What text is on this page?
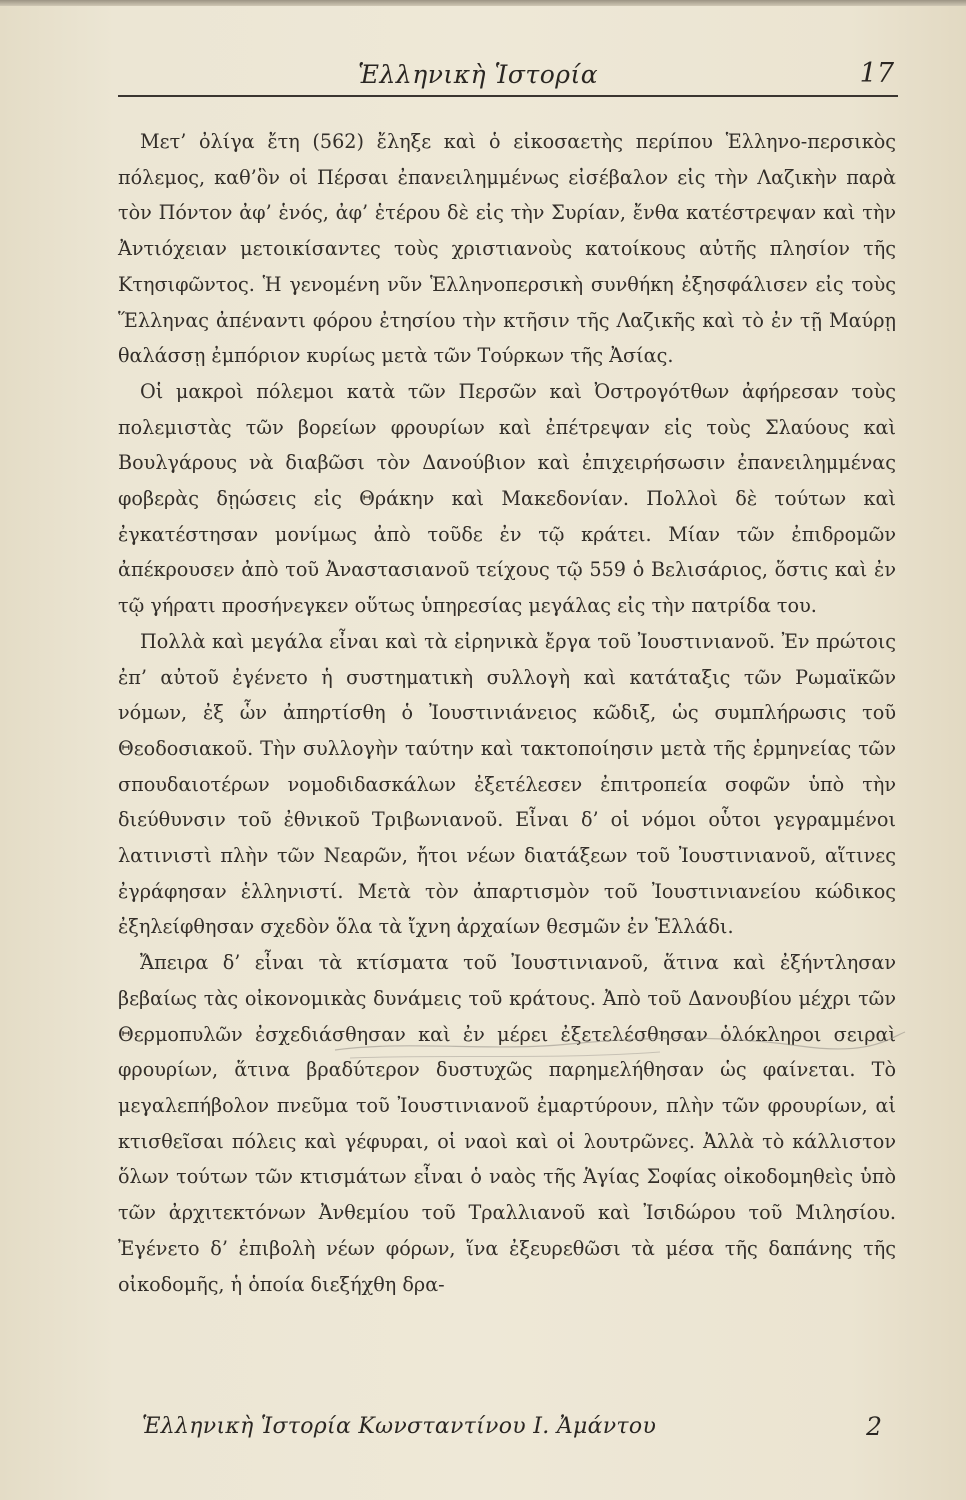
Ἑλληνικὴ Ἱστορία	17

Μετ’ ὀλίγα ἔτη (562) ἔληξε καὶ ὁ εἰκοσαετὴς περίπου Ἑλληνο-περσικὸς πόλεμος, καθ’ὃν οἱ Πέρσαι ἐπανειλημμένως εἰσέβαλον εἰς τὴν Λαζικὴν παρὰ τὸν Πόντον ἀφ’ ἑνός, ἀφ’ ἑτέρου δὲ εἰς τὴν Συρίαν, ἔνθα κατέστρεψαν καὶ τὴν Ἀντιόχειαν μετοικίσαντες τοὺς χριστιανοὺς κατοίκους αὐτῆς πλησίον τῆς Κτησιφῶντος. Ἡ γενομένη νῦν Ἑλληνοπερσικὴ συνθήκη ἐξησφάλισεν εἰς τοὺς Ἕλληνας ἀπέναντι φόρου ἐτησίου τὴν κτῆσιν τῆς Λαζικῆς καὶ τὸ ἐν τῇ Μαύρῃ θαλάσσῃ ἐμπόριον κυρίως μετὰ τῶν Τούρκων τῆς Ἀσίας.

Οἱ μακροὶ πόλεμοι κατὰ τῶν Περσῶν καὶ Ὀστρογότθων ἀφήρεσαν τοὺς πολεμιστὰς τῶν βορείων φρουρίων καὶ ἐπέτρεψαν εἰς τοὺς Σλαύους καὶ Βουλγάρους νὰ διαβῶσι τὸν Δανούβιον καὶ ἐπιχειρήσωσιν ἐπανειλημμένας φοβερὰς δῃώσεις εἰς Θράκην καὶ Μακεδονίαν. Πολλοὶ δὲ τούτων καὶ ἐγκατέστησαν μονίμως ἀπὸ τοῦδε ἐν τῷ κράτει. Μίαν τῶν ἐπιδρομῶν ἀπέκρουσεν ἀπὸ τοῦ Ἀναστασιανοῦ τείχους τῷ 559 ὁ Βελισάριος, ὅστις καὶ ἐν τῷ γήρατι προσήνεγκεν οὕτως ὑπηρεσίας μεγάλας εἰς τὴν πατρίδα του.

Πολλὰ καὶ μεγάλα εἶναι καὶ τὰ εἰρηνικὰ ἔργα τοῦ Ἰουστινιανοῦ. Ἐν πρώτοις ἐπ’ αὐτοῦ ἐγένετο ἡ συστηματικὴ συλλογὴ καὶ κατάταξις τῶν Ρωμαϊκῶν νόμων, ἐξ ὧν ἀπηρτίσθη ὁ Ἰουστινιάνειος κῶδιξ, ὡς συμπλήρωσις τοῦ Θεοδοσιακοῦ. Τὴν συλλογὴν ταύτην καὶ τακτοποίησιν μετὰ τῆς ἑρμηνείας τῶν σπουδαιοτέρων νομοδιδασκάλων ἐξετέλεσεν ἐπιτροπεία σοφῶν ὑπὸ τὴν διεύθυνσιν τοῦ ἐθνικοῦ Τριβωνιανοῦ. Εἶναι δ’ οἱ νόμοι οὗτοι γεγραμμένοι λατινιστὶ πλὴν τῶν Νεαρῶν, ἤτοι νέων διατάξεων τοῦ Ἰουστινιανοῦ, αἵτινες ἐγράφησαν ἑλληνιστί. Μετὰ τὸν ἀπαρτισμὸν τοῦ Ἰουστινιανείου κώδικος ἐξηλείφθησαν σχεδὸν ὅλα τὰ ἴχνη ἀρχαίων θεσμῶν ἐν Ἑλλάδι.

Ἄπειρα δ’ εἶναι τὰ κτίσματα τοῦ Ἰουστινιανοῦ, ἅτινα καὶ ἐξήντλησαν βεβαίως τὰς οἰκονομικὰς δυνάμεις τοῦ κράτους. Ἀπὸ τοῦ Δανουβίου μέχρι τῶν Θερμοπυλῶν ἐσχεδιάσθησαν καὶ ἐν μέρει ἐξετελέσθησαν ὁλόκληροι σειραὶ φρουρίων, ἅτινα βραδύτερον δυστυχῶς παρημελήθησαν ὡς φαίνεται. Τὸ μεγαλεπήβολον πνεῦμα τοῦ Ἰουστινιανοῦ ἐμαρτύρουν, πλὴν τῶν φρουρίων, αἱ κτισθεῖσαι πόλεις καὶ γέφυραι, οἱ ναοὶ καὶ οἱ λουτρῶνες. Ἀλλὰ τὸ κάλλιστον ὅλων τούτων τῶν κτισμάτων εἶναι ὁ ναὸς τῆς Ἁγίας Σοφίας οἰκοδομηθεὶς ὑπὸ τῶν ἀρχιτεκτόνων Ἀνθεμίου τοῦ Τραλλιανοῦ καὶ Ἰσιδώρου τοῦ Μιλησίου. Ἐγένετο δ’ ἐπιβολὴ νέων φόρων, ἵνα ἐξευρεθῶσι τὰ μέσα τῆς δαπάνης τῆς οἰκοδομῆς, ἡ ὁποία διεξήχθη δρα-

Ἑλληνικὴ Ἱστορία Κωνσταντίνου Ι. Ἀμάντου	2
